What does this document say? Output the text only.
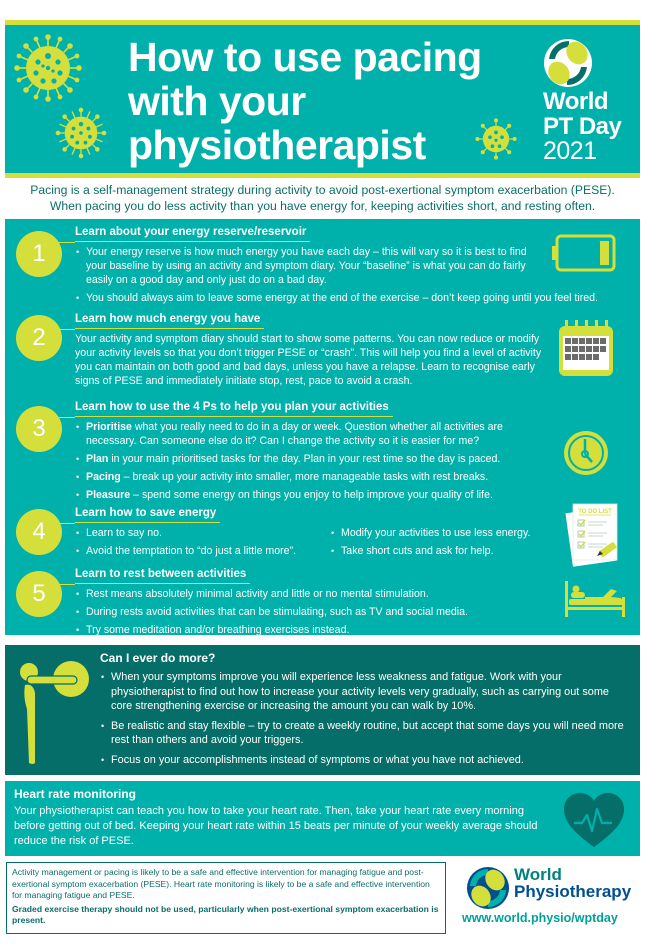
How to use pacing
with your
physiotherapist
World
PT Day
2021
Pacing is a self-management strategy during activity to avoid post-exertional symptom exacerbation (PESE).
When pacing you do less activity than you have energy for, keeping activities short, and resting often.
1
Learn about your energy reserve/reservoir
• Your energy reserve is how much energy you have each day – this will vary so it is best to find your baseline by using an activity and symptom diary. Your “baseline” is what you can do fairly easily on a good day and only just do on a bad day.
• You should always aim to leave some energy at the end of the exercise – don’t keep going until you feel tired.
2
Learn how much energy you have
Your activity and symptom diary should start to show some patterns. You can now reduce or modify your activity levels so that you don’t trigger PESE or “crash”. This will help you find a level of activity you can maintain on both good and bad days, unless you have a relapse. Learn to recognise early signs of PESE and immediately initiate stop, rest, pace to avoid a crash.
3
Learn how to use the 4 Ps to help you plan your activities
• Prioritise what you really need to do in a day or week. Question whether all activities are necessary. Can someone else do it? Can I change the activity so it is easier for me?
• Plan in your main prioritised tasks for the day. Plan in your rest time so the day is paced.
• Pacing – break up your activity into smaller, more manageable tasks with rest breaks.
• Pleasure – spend some energy on things you enjoy to help improve your quality of life.
4
Learn how to save energy
• Learn to say no.
• Avoid the temptation to “do just a little more”.
• Modify your activities to use less energy.
• Take short cuts and ask for help.
TO DO LIST
5
Learn to rest between activities
• Rest means absolutely minimal activity and little or no mental stimulation.
• During rests avoid activities that can be stimulating, such as TV and social media.
• Try some meditation and/or breathing exercises instead.
Can I ever do more?
• When your symptoms improve you will experience less weakness and fatigue. Work with your physiotherapist to find out how to increase your activity levels very gradually, such as carrying out some core strengthening exercise or increasing the amount you can walk by 10%.
• Be realistic and stay flexible – try to create a weekly routine, but accept that some days you will need more rest than others and avoid your triggers.
• Focus on your accomplishments instead of symptoms or what you have not achieved.
Heart rate monitoring
Your physiotherapist can teach you how to take your heart rate. Then, take your heart rate every morning before getting out of bed. Keeping your heart rate within 15 beats per minute of your weekly average should reduce the risk of PESE.

Activity management or pacing is likely to be a safe and effective intervention for managing fatigue and post-exertional symptom exacerbation (PESE). Heart rate monitoring is likely to be a safe and effective intervention for managing fatigue and PESE.

Graded exercise therapy should not be used, particularly when post-exertional symptom exacerbation is present.

World
Physiotherapy
www.world.physio/wptday
